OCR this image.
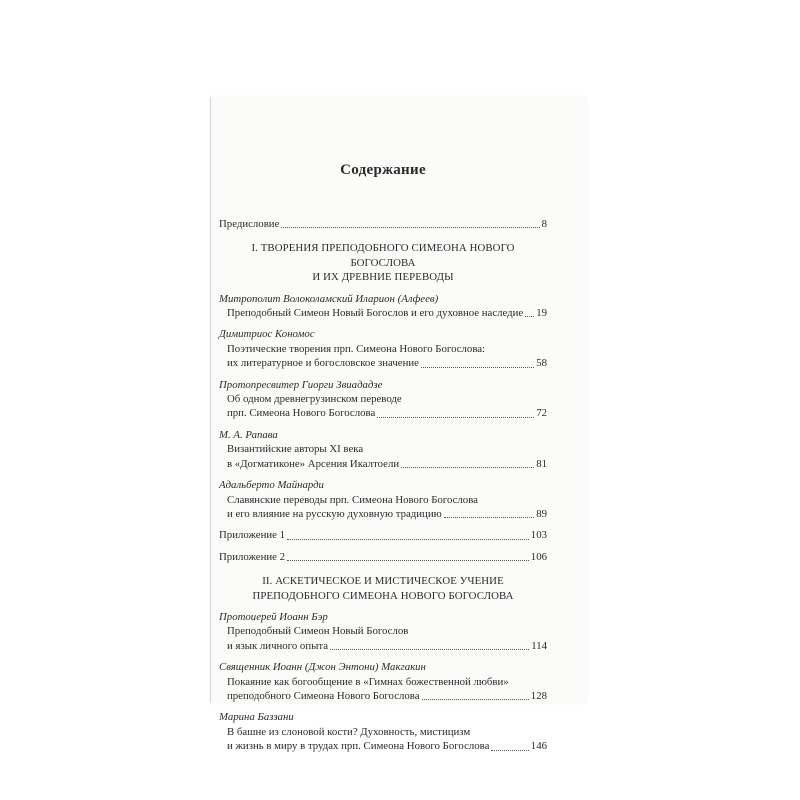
Содержание
Предисловие	8
I. ТВОРЕНИЯ ПРЕПОДОБНОГО СИМЕОНА НОВОГО БОГОСЛОВА
И ИХ ДРЕВНИЕ ПЕРЕВОДЫ
Митрополит Волоколамский Иларион (Алфеев)
Преподобный Симеон Новый Богослов и его духовное наследие 19
Димитриос Кономос
Поэтические творения прп. Симеона Нового Богослова:
их литературное и богословское значение	58
Протопресвитер Гиорги Звиададзе
Об одном древнегрузинском переводе
прп. Симеона Нового Богослова	72
М. А. Рапава
Византийские авторы XI века
в «Догматиконе» Арсения Икалтоели	81
Адальберто Майнарди
Славянские переводы прп. Симеона Нового Богослова
и его влияние на русскую духовную традицию	89
Приложение 1	103
Приложение 2	106
II. АСКЕТИЧЕСКОЕ И МИСТИЧЕСКОЕ УЧЕНИЕ
ПРЕПОДОБНОГО СИМЕОНА НОВОГО БОГОСЛОВА
Протоиерей Иоанн Бэр
Преподобный Симеон Новый Богослов
и язык личного опыта	114
Священник Иоанн (Джон Энтони) Макгакин
Покаяние как богообщение в «Гимнах божественной любви»
преподобного Симеона Нового Богослова	128
Марина Баззани
В башне из слоновой кости? Духовность, мистицизм
и жизнь в миру в трудах прп. Симеона Нового Богослова	146
